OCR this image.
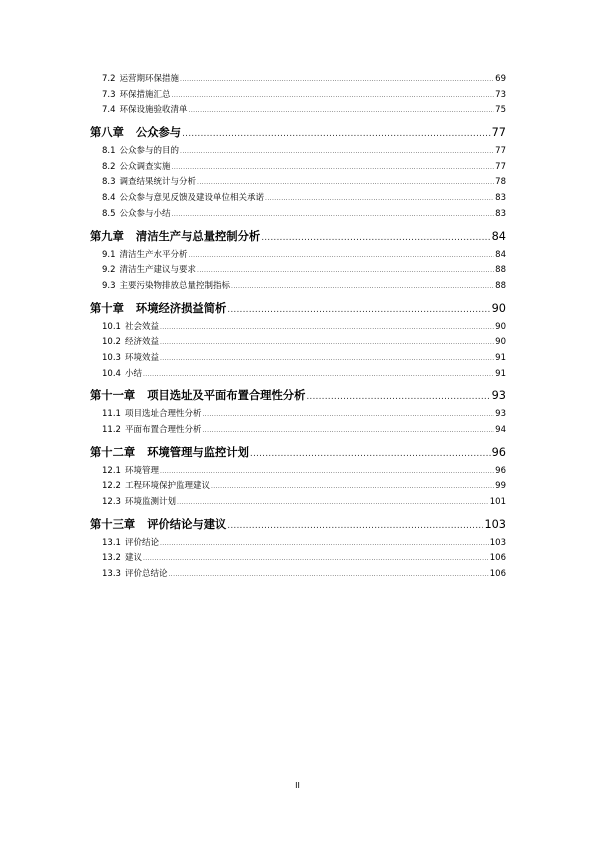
7.2 运营期环保措施 .....	69
7.3 环保措施汇总 .....	73
7.4 环保设施验收清单 .....	75
第八章 公众参与 .....	77
8.1 公众参与的目的 .....	77
8.2 公众调查实施 .....	77
8.3 调查结果统计与分析 .....	78
8.4 公众参与意见反馈及建设单位相关承诺 .....	83
8.5 公众参与小结 .....	83
第九章 清洁生产与总量控制分析 .....	84
9.1 清洁生产水平分析 .....	84
9.2 清洁生产建议与要求 .....	88
9.3 主要污染物排放总量控制指标 .....	88
第十章 环境经济损益简析 .....	90
10.1 社会效益 .....	90
10.2 经济效益 .....	90
10.3 环境效益 .....	91
10.4 小结 .....	91
第十一章 项目选址及平面布置合理性分析 .....	93
11.1 项目选址合理性分析 .....	93
11.2 平面布置合理性分析 .....	94
第十二章 环境管理与监控计划 .....	96
12.1 环境管理 .....	96
12.2 工程环境保护监理建议 .....	99
12.3 环境监测计划 .....	101
第十三章 评价结论与建议 .....	103
13.1 评价结论 .....	103
13.2 建议 .....	106
13.3 评价总结论 .....	106
II
